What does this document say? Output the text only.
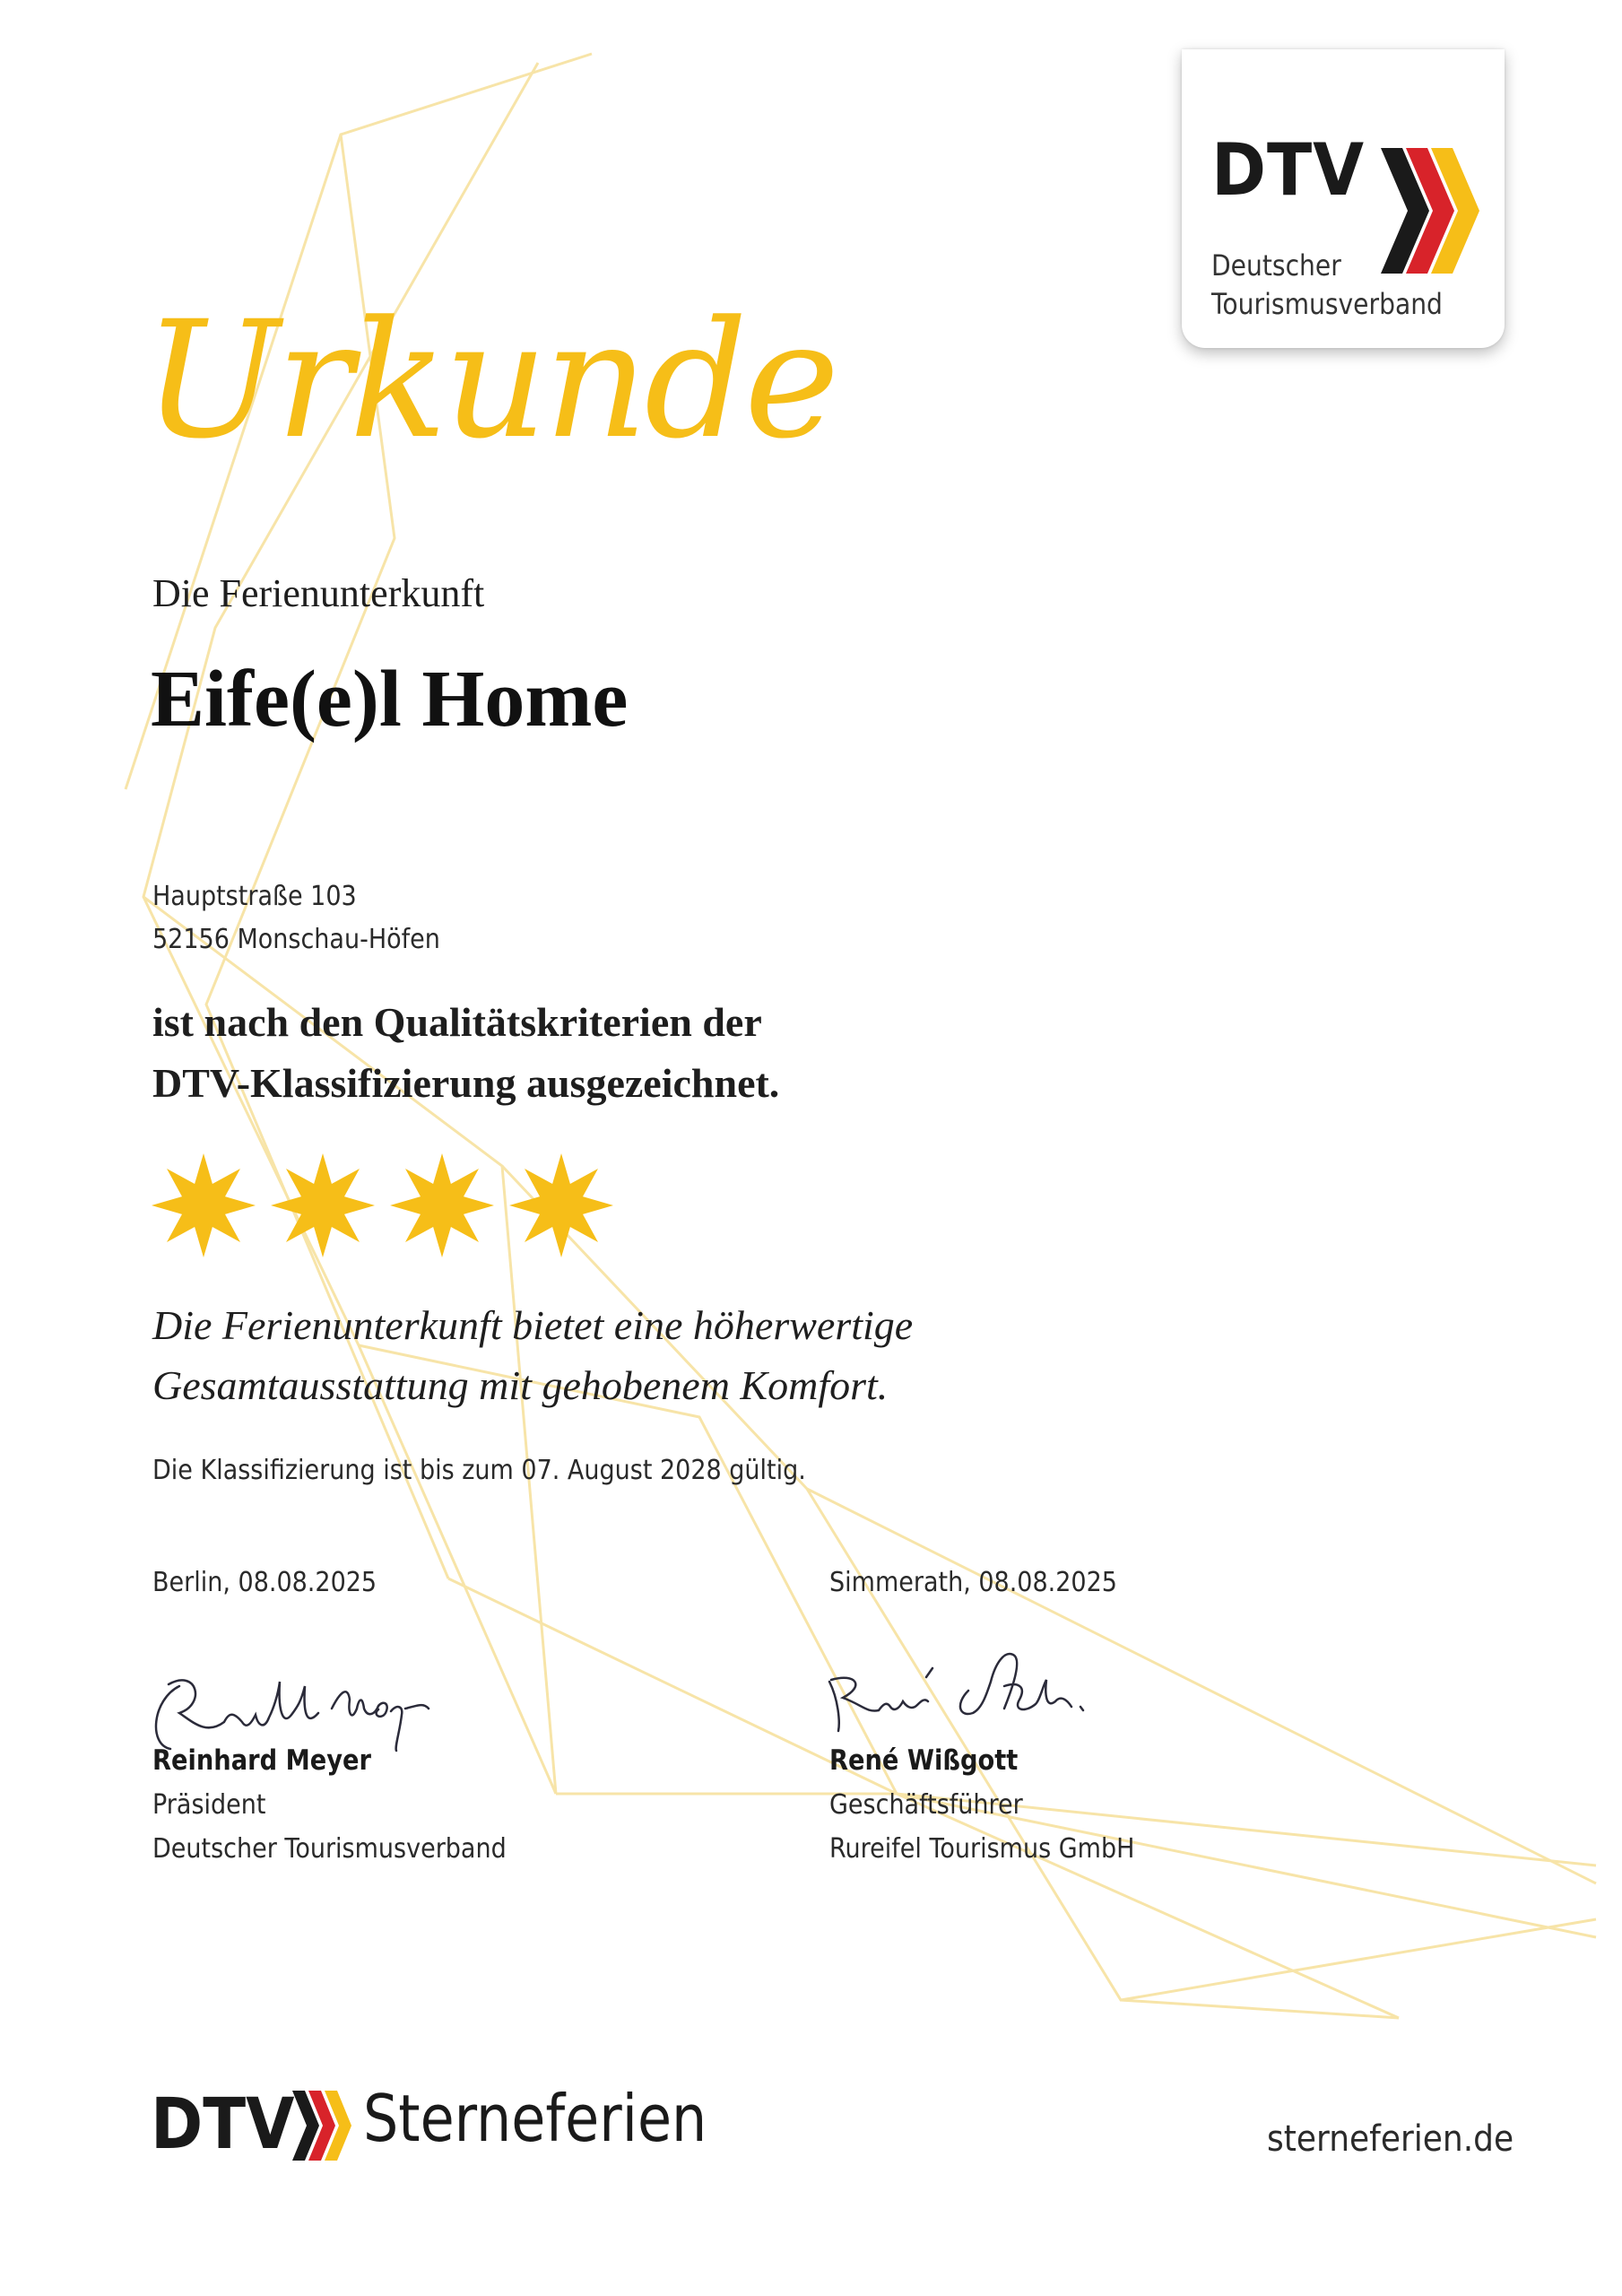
DTV
Deutscher
Tourismusverband
Urkunde
Die Ferienunterkunft
Eife(e)l Home
Hauptstraße 103
52156 Monschau-Höfen
ist nach den Qualitätskriterien der
DTV-Klassifizierung ausgezeichnet.
Die Ferienunterkunft bietet eine höherwertige
Gesamtausstattung mit gehobenem Komfort.
Die Klassifizierung ist bis zum 07. August 2028 gültig.
Berlin, 08.08.2025
Reinhard Meyer
Präsident
Deutscher Tourismusverband
Simmerath, 08.08.2025
René Wißgott
Geschäftsführer
Rureifel Tourismus GmbH
DTV Sterneferien	sterneferien.de
